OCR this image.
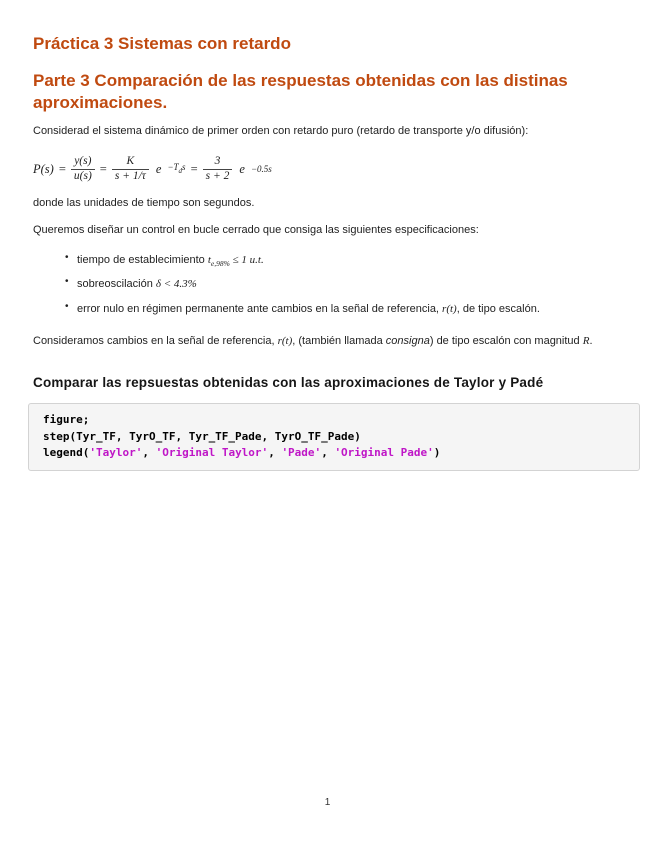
Práctica 3 Sistemas con retardo
Parte 3 Comparación de las respuestas obtenidas con las distinas aproximaciones.

Considerad el sistema dinámico de primer orden con retardo puro (retardo de transporte y/o difusión):

$P(s) = \frac{y(s)}{u(s)} = \frac{K}{s + 1/\tau}$ e $^{-T_ds} = \frac{3}{s + 2}$ e $^{-0.5s}$

donde las unidades de tiempo son segundos.

Queremos diseñar un control en bucle cerrado que consiga las siguientes especificaciones:

• tiempo de establecimiento $t_{e,98\%} \le 1$ u.t.
• sobreoscilación δ < 4.3%
• error nulo en régimen permanente ante cambios en la señal de referencia, r(t), de tipo escalón.

Consideramos cambios en la señal de referencia, r(t), (también llamada consigna) de tipo escalón con magnitud R.

Comparar las repsuestas obtenidas con las aproximaciones de Taylor y Padé
figure;
step(Tyr_TF, TyrO_TF, Tyr_TF_Pade, TyrO_TF_Pade)
legend('Taylor', 'Original Taylor', 'Pade', 'Original Pade')
1
